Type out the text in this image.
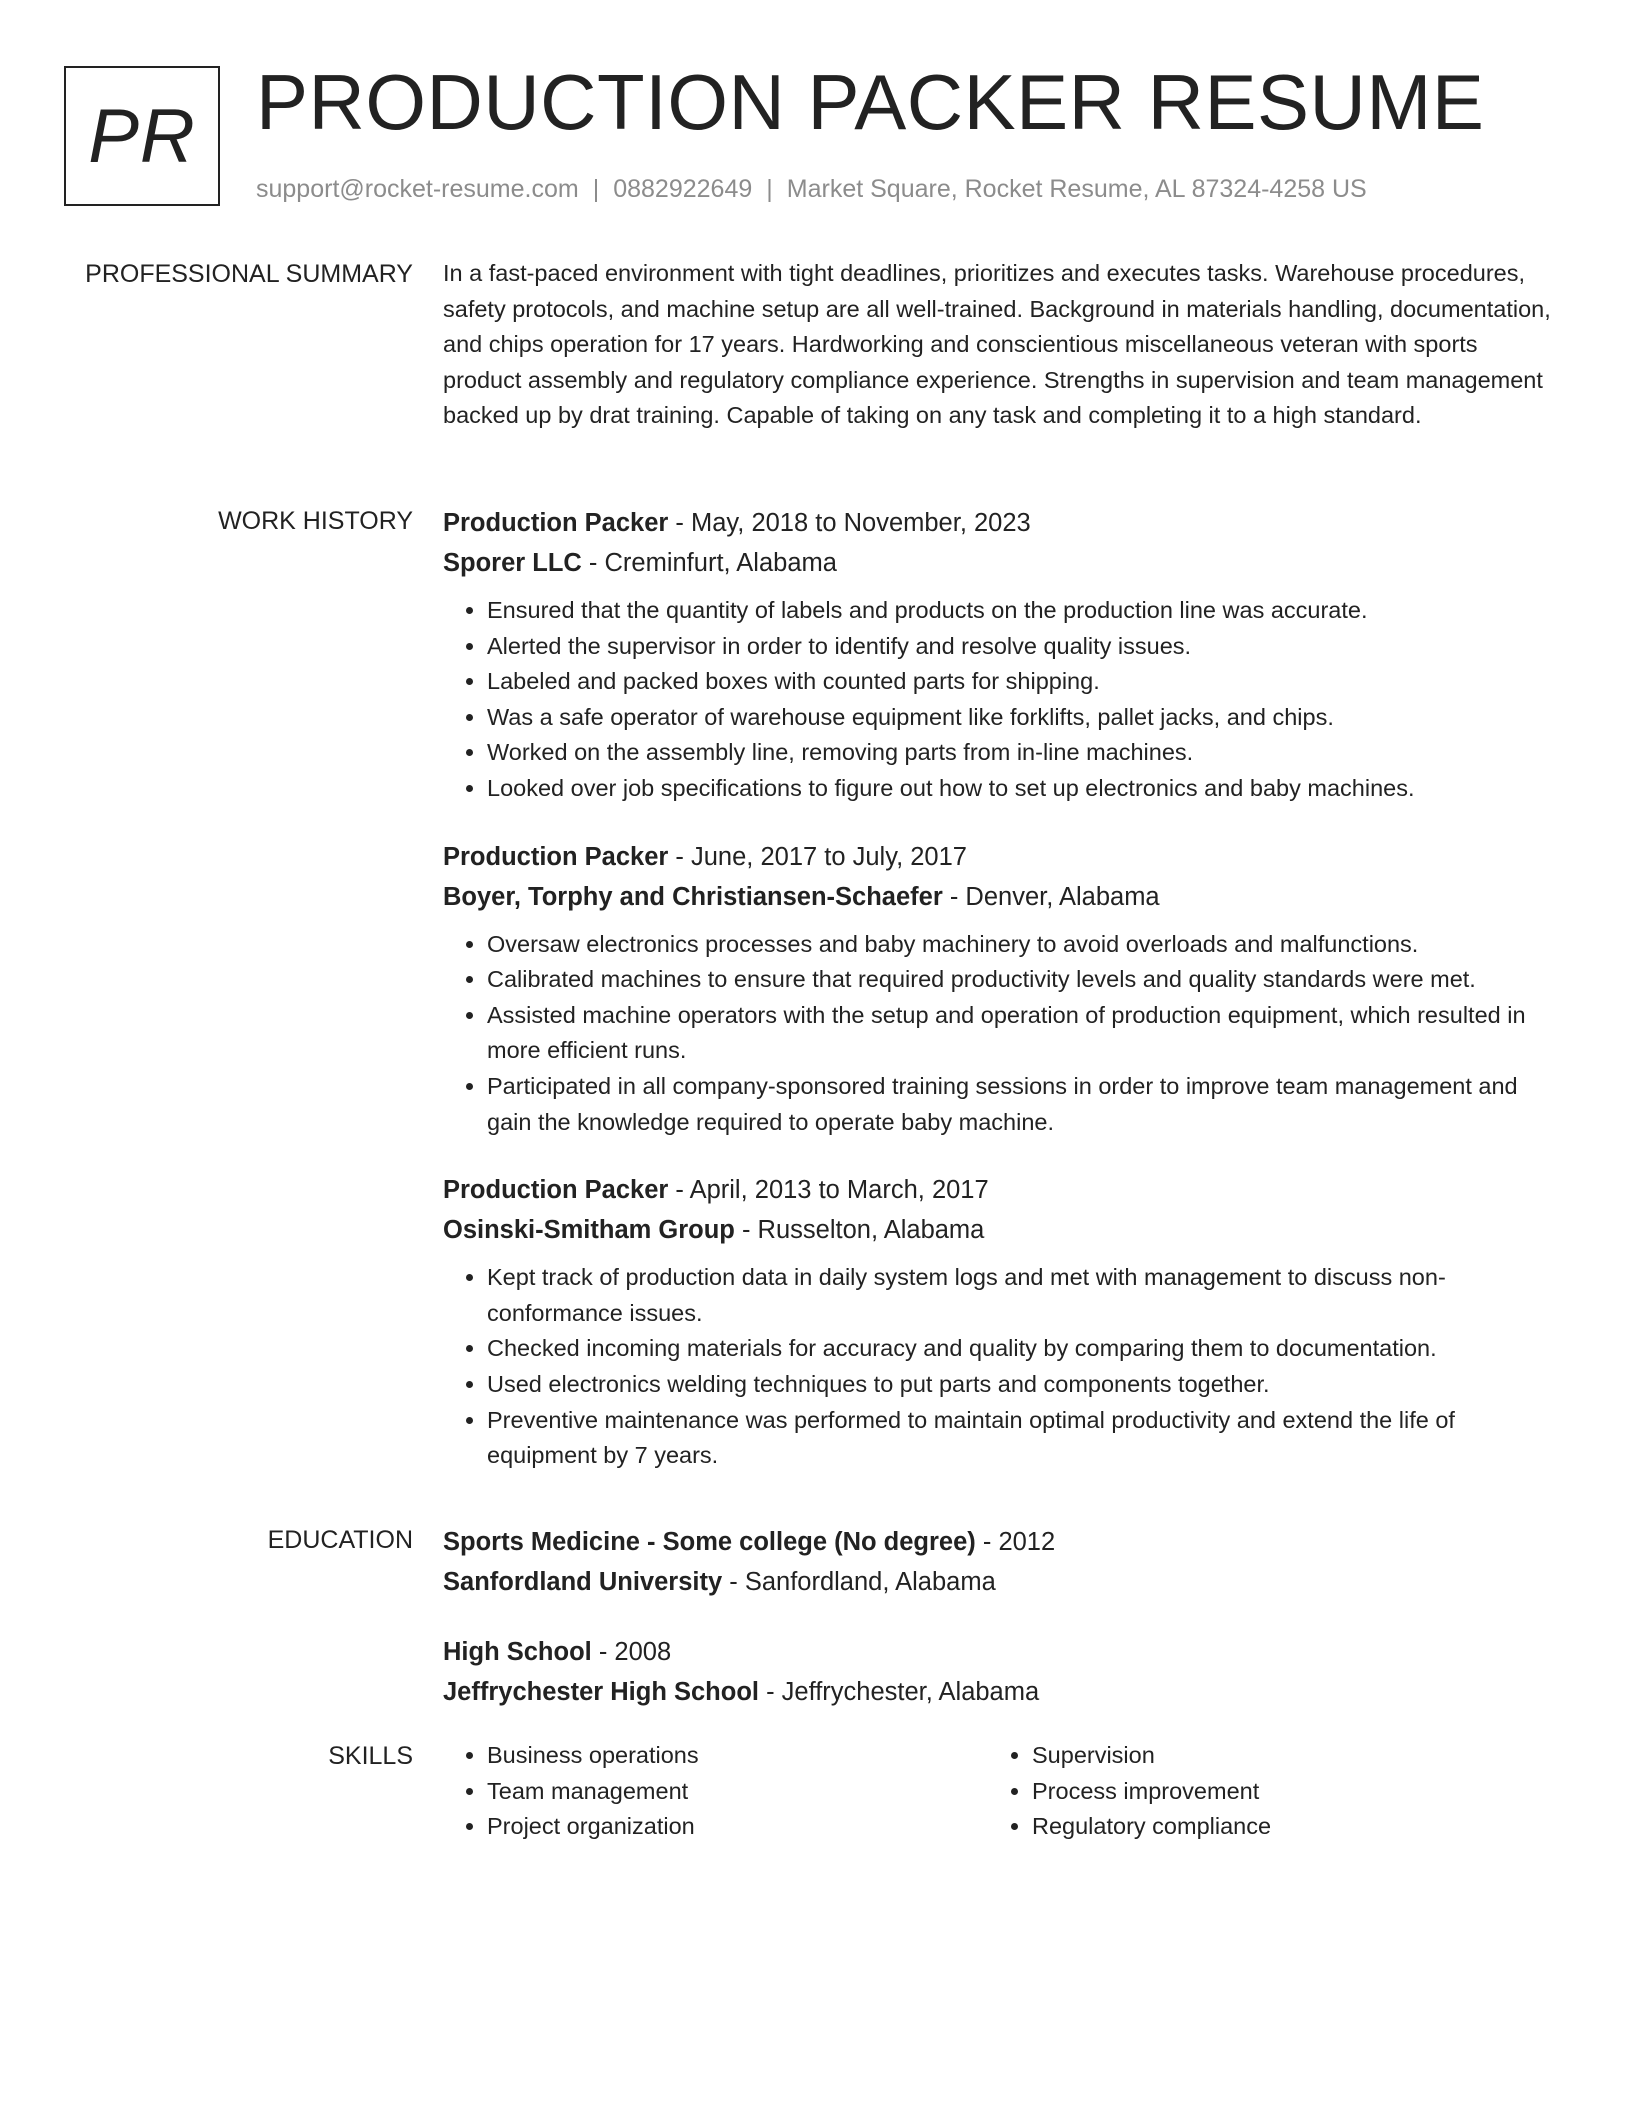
PR PRODUCTION PACKER RESUME
support@rocket-resume.com | 0882922649 | Market Square, Rocket Resume, AL 87324-4258 US
PROFESSIONAL SUMMARY In a fast-paced environment with tight deadlines, prioritizes and executes tasks. Warehouse procedures, safety protocols, and machine setup are all well-trained. Background in materials handling, documentation, and chips operation for 17 years. Hardworking and conscientious miscellaneous veteran with sports product assembly and regulatory compliance experience. Strengths in supervision and team management backed up by drat training. Capable of taking on any task and completing it to a high standard.

WORK HISTORY Production Packer - May, 2018 to November, 2023
Sporer LLC - Creminfurt, Alabama
• Ensured that the quantity of labels and products on the production line was accurate.
• Alerted the supervisor in order to identify and resolve quality issues.
• Labeled and packed boxes with counted parts for shipping.
• Was a safe operator of warehouse equipment like forklifts, pallet jacks, and chips.
• Worked on the assembly line, removing parts from in-line machines.
• Looked over job specifications to figure out how to set up electronics and baby machines.
Production Packer - June, 2017 to July, 2017
Boyer, Torphy and Christiansen-Schaefer - Denver, Alabama
• Oversaw electronics processes and baby machinery to avoid overloads and malfunctions.
• Calibrated machines to ensure that required productivity levels and quality standards were met.
• Assisted machine operators with the setup and operation of production equipment, which resulted in more efficient runs.
• Participated in all company-sponsored training sessions in order to improve team management and gain the knowledge required to operate baby machine.
Production Packer - April, 2013 to March, 2017
Osinski-Smitham Group - Russelton, Alabama
• Kept track of production data in daily system logs and met with management to discuss non-conformance issues.
• Checked incoming materials for accuracy and quality by comparing them to documentation.
• Used electronics welding techniques to put parts and components together.
• Preventive maintenance was performed to maintain optimal productivity and extend the life of equipment by 7 years.
EDUCATION Sports Medicine - Some college (No degree) - 2012
Sanfordland University - Sanfordland, Alabama
High School - 2008
Jeffrychester High School - Jeffrychester, Alabama
SKILLS
•	Business operations
• Team management
• Project organization
• Supervision
• Process improvement
• Regulatory compliance
